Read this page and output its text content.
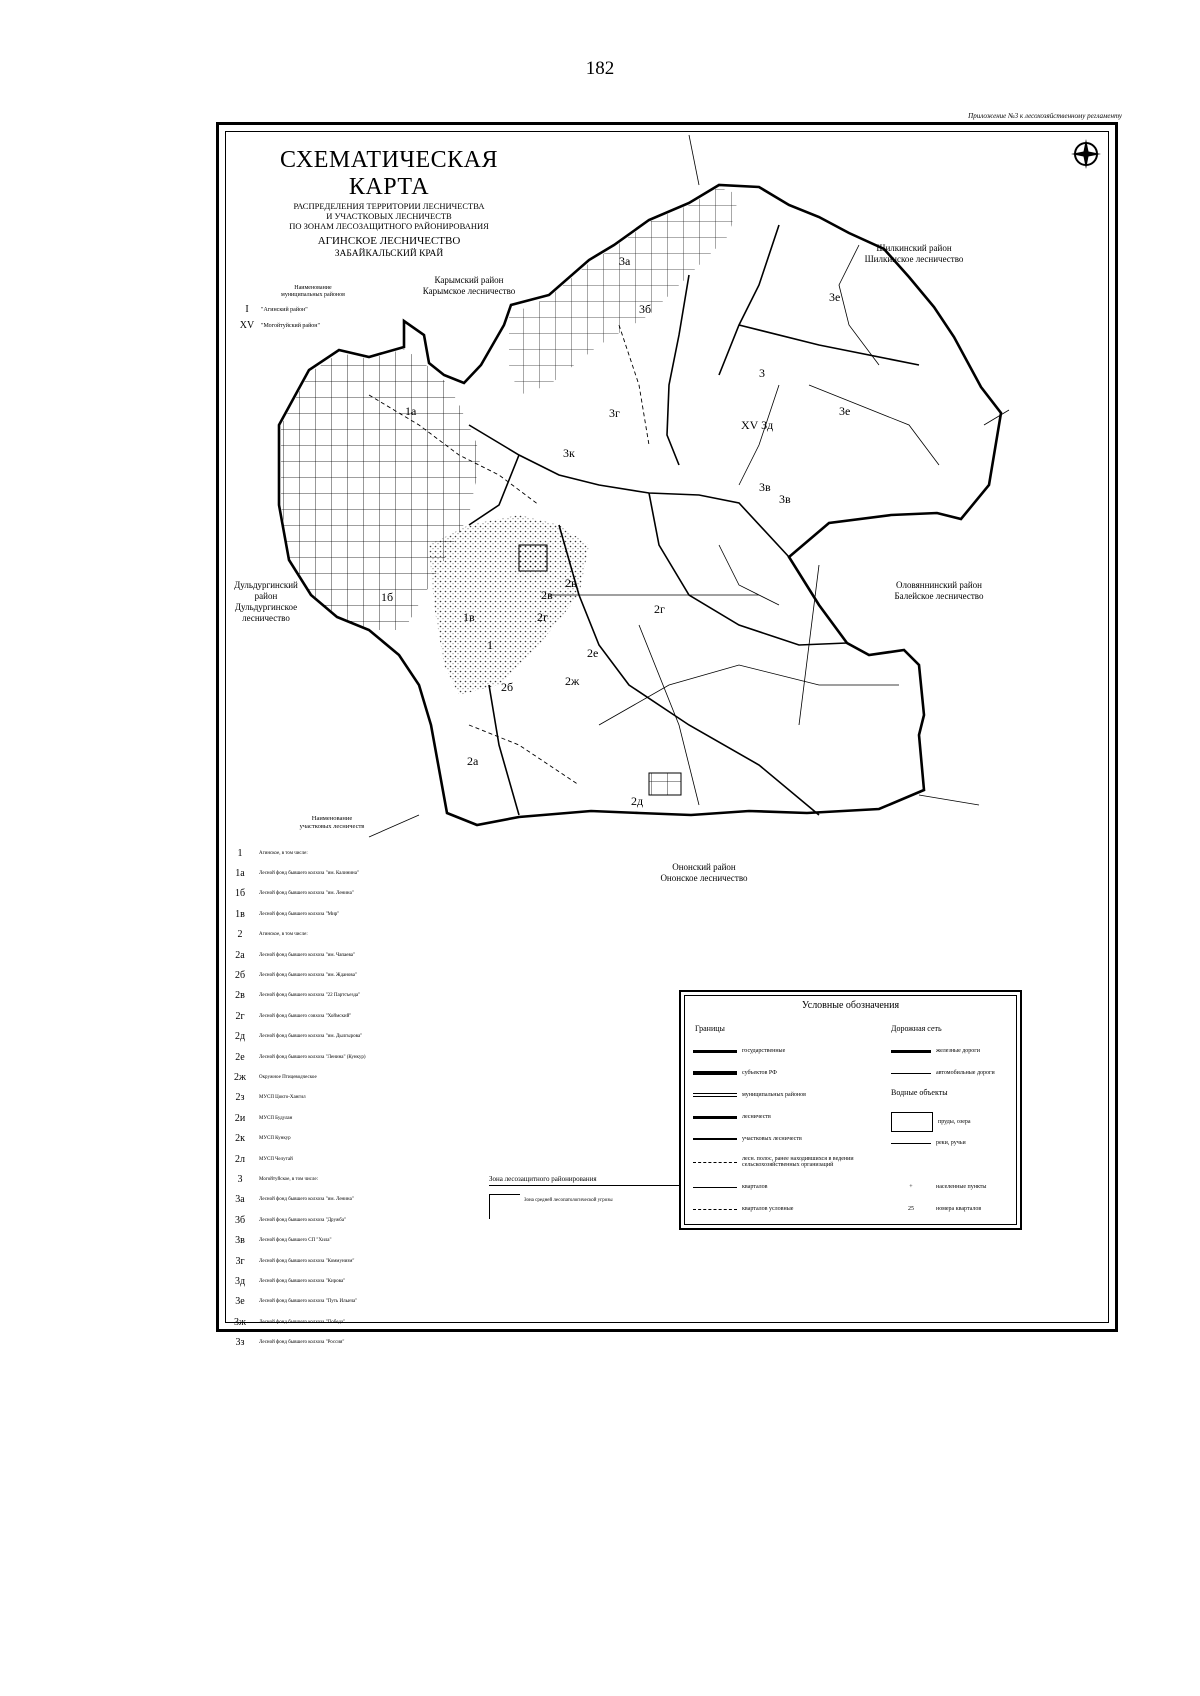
182
Приложение №3 к лесохозяйственному регламенту
3б
3е
3
XV 3д
3е
3в
3г
3к
3а
2в
2в
2г
2е
2ж
2б
1
1в
2а
2д
2г
1б
1а
3в
СХЕМАТИЧЕСКАЯ КАРТА
РАСПРЕДЕЛЕНИЯ ТЕРРИТОРИИ ЛЕСНИЧЕСТВА
И УЧАСТКОВЫХ ЛЕСНИЧЕСТВ
ПО ЗОНАМ ЛЕСОЗАЩИТНОГО РАЙОНИРОВАНИЯ
АГИНСКОЕ ЛЕСНИЧЕСТВО
ЗАБАЙКАЛЬСКИЙ КРАЙ
Карымский район
Карымское лесничество
Шилкинский район
Шилкинское лесничество
Дульдургинский
район
Дульдургинское
лесничество
Оловяннинский район
Балейское лесничество
Ононский район
Ононское лесничество
Наименование
муниципальных районов
I	"Агинский район"
XV	"Могойтуйский район"
Наименование
участковых лесничеств
1	Агинское, в том числе:
1а	Лесной фонд бывшего колхоза "им. Калинина"
1б	Лесной фонд бывшего колхоза "им. Ленина"
1в	Лесной фонд бывшего колхоза "Мир"
2	Агинское, в том числе:
2а	Лесной фонд бывшего колхоза "им. Чапаева"
2б	Лесной фонд бывшего колхоза "им. Жданова"
2в	Лесной фонд бывшего колхоза "22 Партсъезда"
2г	Лесной фонд бывшего совхоза "Хоймский"
2д	Лесной фонд бывшего колхоза "им. Дылгырова"
2е	Лесной фонд бывшего колхоза "Ленина" (Кункур)
2ж	Окружное Птицеводческое
2з	МУСП Цокто-Хангил
2и	МУСП Будулан
2к	МУСП Кункур
2л	МУСП Челутай
3	Могойтуйское, в том числе:
3а	Лесной фонд бывшего колхоза "им. Ленина"
3б	Лесной фонд бывшего колхоза "Дружба"
3в	Лесной фонд бывшего СП "Хила"
3г	Лесной фонд бывшего колхоза "Коммунизм"
3д	Лесной фонд бывшего колхоза "Кирова"
3е	Лесной фонд бывшего колхоза "Путь Ильича"
3ж	Лесной фонд бывшего колхоза "Победа"
3з	Лесной фонд бывшего колхоза "Россия"
Зона лесозащитного районирования
Зона средней лесопатологической угрозы
Условные обозначения
Границы	Дорожная сеть
государственные
субъектов РФ
муниципальных районов
лесничеств
участковых лесничеств
лесн. полос, ранее находившихся в ведении сельскохозяйственных организаций
кварталов
кварталов условные
железные дороги
автомобильные дороги
Водные объекты
пруды, озера
реки, ручьи
+	населенные пункты
25	номера кварталов
